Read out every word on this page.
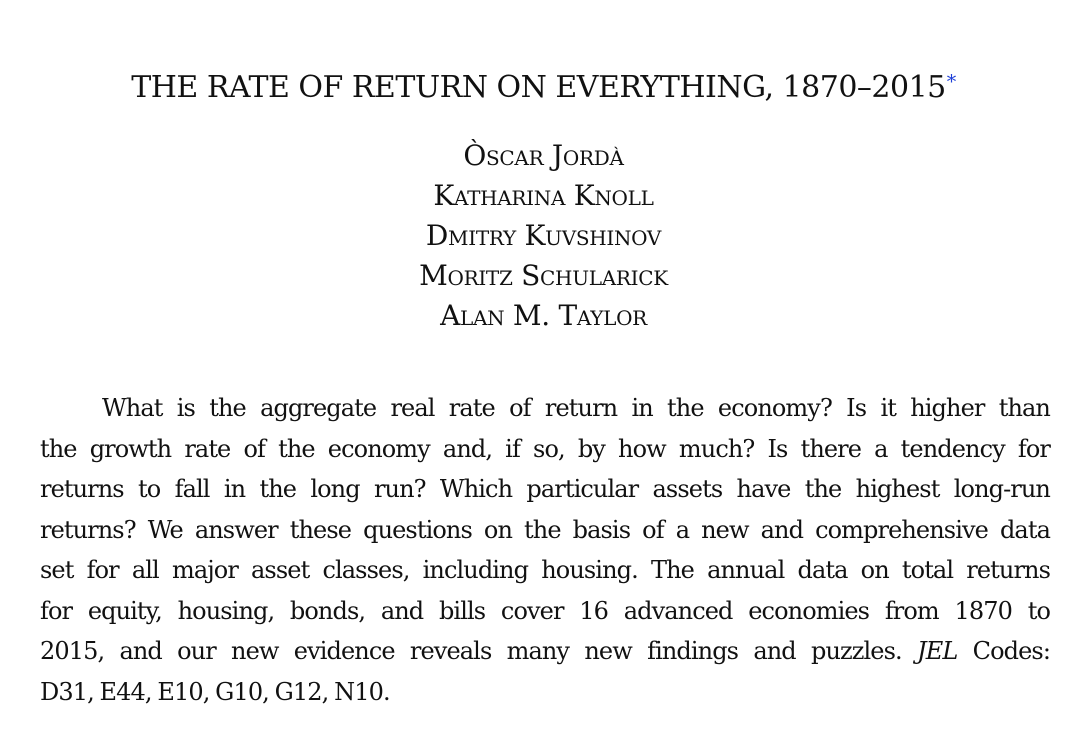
THE RATE OF RETURN ON EVERYTHING, 1870–2015*
Òscar Jordà
Katharina Knoll
Dmitry Kuvshinov
Moritz Schularick
Alan M. Taylor
What is the aggregate real rate of return in the economy? Is it higher than
the growth rate of the economy and, if so, by how much? Is there a tendency for
returns to fall in the long run? Which particular assets have the highest long-run
returns? We answer these questions on the basis of a new and comprehensive data
set for all major asset classes, including housing. The annual data on total returns
for equity, housing, bonds, and bills cover 16 advanced economies from 1870 to
2015, and our new evidence reveals many new findings and puzzles. JEL Codes:
D31, E44, E10, G10, G12, N10.
